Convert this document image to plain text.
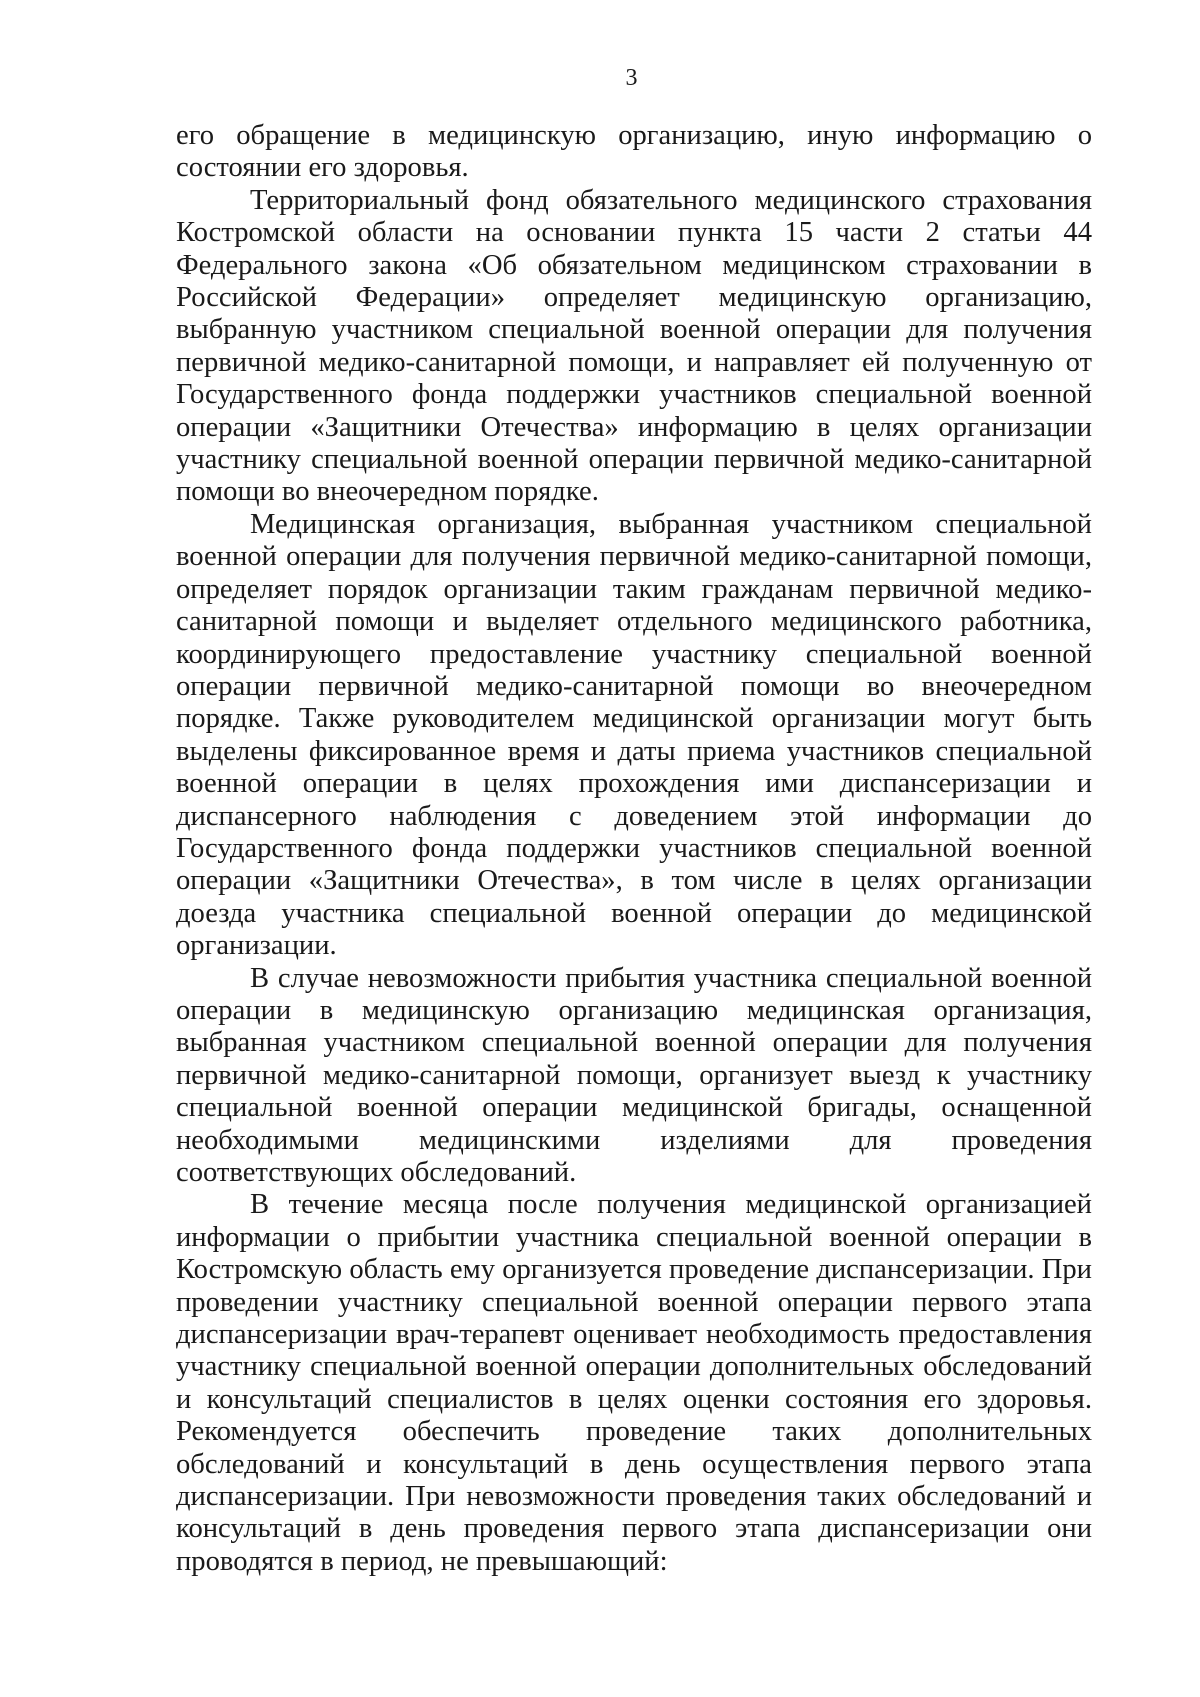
3

его обращение в медицинскую организацию, иную информацию о состоянии его здоровья.

Территориальный фонд обязательного медицинского страхования Костромской области на основании пункта 15 части 2 статьи 44 Федерального закона «Об обязательном медицинском страховании в Российской Федерации» определяет медицинскую организацию, выбранную участником специальной военной операции для получения первичной медико-санитарной помощи, и направляет ей полученную от Государственного фонда поддержки участников специальной военной операции «Защитники Отечества» информацию в целях организации участнику специальной военной операции первичной медико-санитарной помощи во внеочередном порядке.

Медицинская организация, выбранная участником специальной военной операции для получения первичной медико-санитарной помощи, определяет порядок организации таким гражданам первичной медико-санитарной помощи и выделяет отдельного медицинского работника, координирующего предоставление участнику специальной военной операции первичной медико-санитарной помощи во внеочередном порядке. Также руководителем медицинской организации могут быть выделены фиксированное время и даты приема участников специальной военной операции в целях прохождения ими диспансеризации и диспансерного наблюдения с доведением этой информации до Государственного фонда поддержки участников специальной военной операции «Защитники Отечества», в том числе в целях организации доезда участника специальной военной операции до медицинской организации.

В случае невозможности прибытия участника специальной военной операции в медицинскую организацию медицинская организация, выбранная участником специальной военной операции для получения первичной медико-санитарной помощи, организует выезд к участнику специальной военной операции медицинской бригады, оснащенной необходимыми медицинскими изделиями для проведения соответствующих обследований.

В течение месяца после получения медицинской организацией информации о прибытии участника специальной военной операции в Костромскую область ему организуется проведение диспансеризации. При проведении участнику специальной военной операции первого этапа диспансеризации врач-терапевт оценивает необходимость предоставления участнику специальной военной операции дополнительных обследований и консультаций специалистов в целях оценки состояния его здоровья. Рекомендуется обеспечить проведение таких дополнительных обследований и консультаций в день осуществления первого этапа диспансеризации. При невозможности проведения таких обследований и консультаций в день проведения первого этапа диспансеризации они проводятся в период, не превышающий:
